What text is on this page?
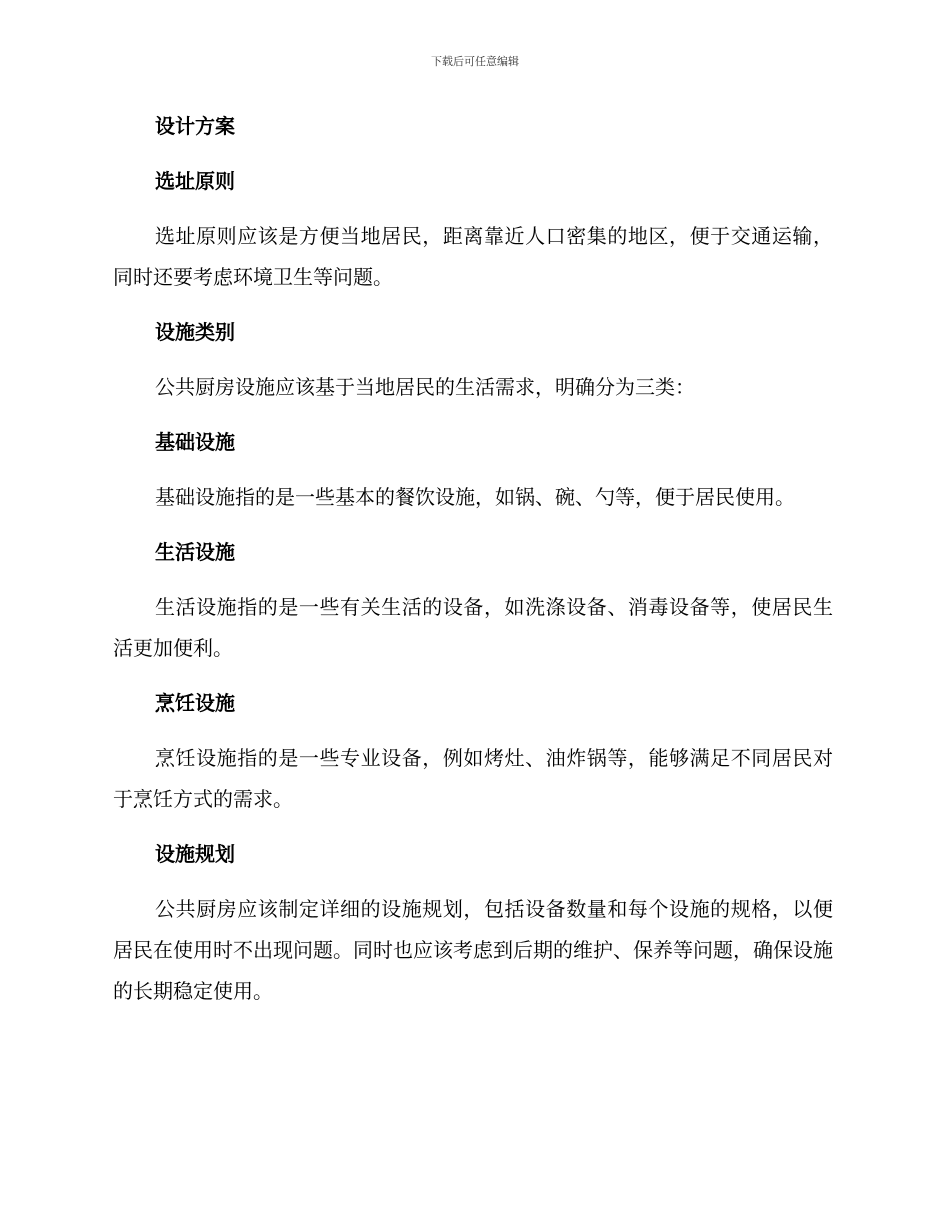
下载后可任意编辑
设计方案
选址原则

选址原则应该是方便当地居民，距离靠近人口密集的地区，便于交通运输，同时还要考虑环境卫生等问题。

设施类别

公共厨房设施应该基于当地居民的生活需求，明确分为三类：

基础设施

基础设施指的是一些基本的餐饮设施，如锅、碗、勺等，便于居民使用。

生活设施

生活设施指的是一些有关生活的设备，如洗涤设备、消毒设备等，使居民生活更加便利。

烹饪设施

烹饪设施指的是一些专业设备，例如烤灶、油炸锅等，能够满足不同居民对于烹饪方式的需求。

设施规划

公共厨房应该制定详细的设施规划，包括设备数量和每个设施的规格，以便居民在使用时不出现问题。同时也应该考虑到后期的维护、保养等问题，确保设施的长期稳定使用。
